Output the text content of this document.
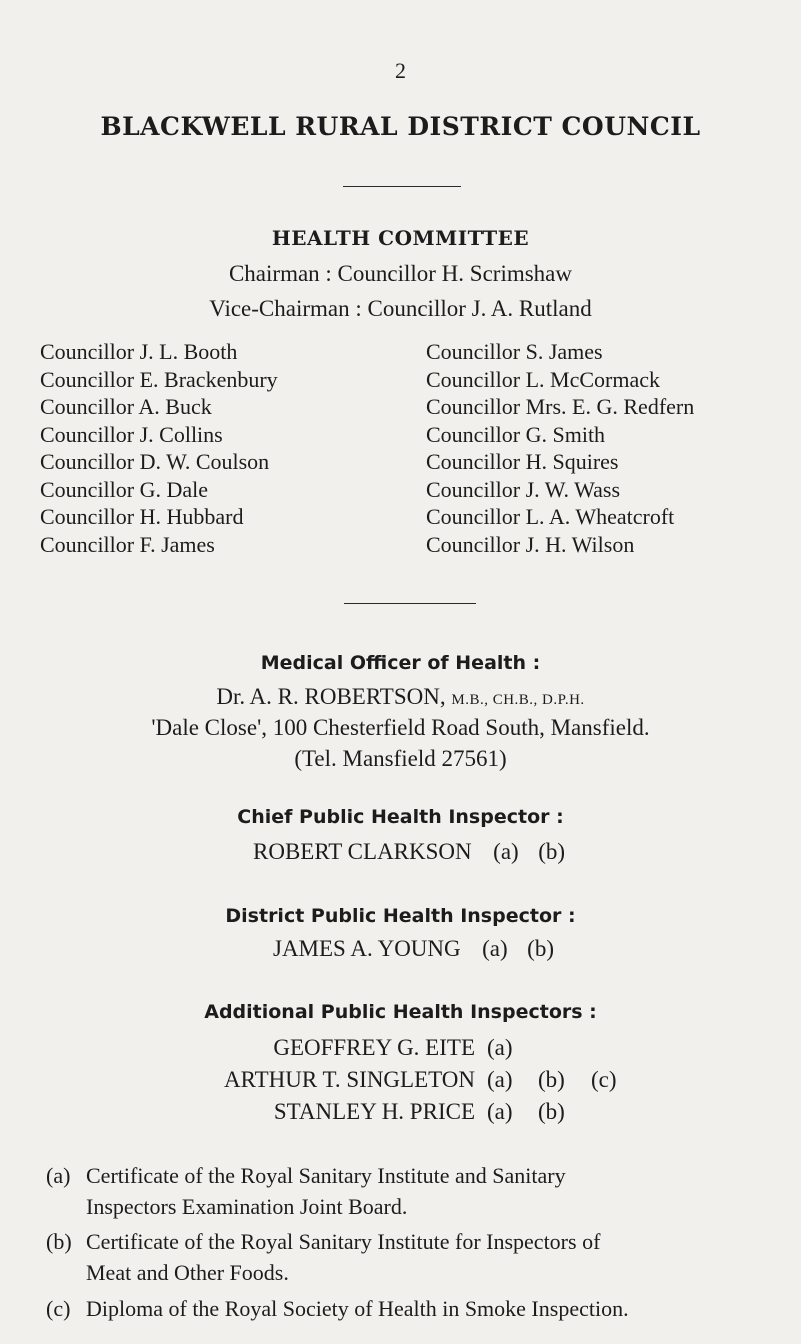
2
BLACKWELL RURAL DISTRICT COUNCIL
HEALTH COMMITTEE
Chairman : Councillor H. Scrimshaw
Vice-Chairman : Councillor J. A. Rutland
Councillor J. L. Booth
Councillor E. Brackenbury
Councillor A. Buck
Councillor J. Collins
Councillor D. W. Coulson
Councillor G. Dale
Councillor H. Hubbard
Councillor F. James
Councillor S. James
Councillor L. McCormack
Councillor Mrs. E. G. Redfern
Councillor G. Smith
Councillor H. Squires
Councillor J. W. Wass
Councillor L. A. Wheatcroft
Councillor J. H. Wilson
Medical Officer of Health :
Dr. A. R. ROBERTSON, M.B., CH.B., D.P.H.
'Dale Close', 100 Chesterfield Road South, Mansfield.
(Tel. Mansfield 27561)
Chief Public Health Inspector :
ROBERT CLARKSON (a) (b)
District Public Health Inspector :
JAMES A. YOUNG (a) (b)
Additional Public Health Inspectors :
GEOFFREY G. EITE (a)
ARTHUR T. SINGLETON (a) (b) (c)
STANLEY H. PRICE (a) (b)
(a) Certificate of the Royal Sanitary Institute and Sanitary
Inspectors Examination Joint Board.
(b) Certificate of the Royal Sanitary Institute for Inspectors of
Meat and Other Foods.
(c) Diploma of the Royal Society of Health in Smoke Inspection.
